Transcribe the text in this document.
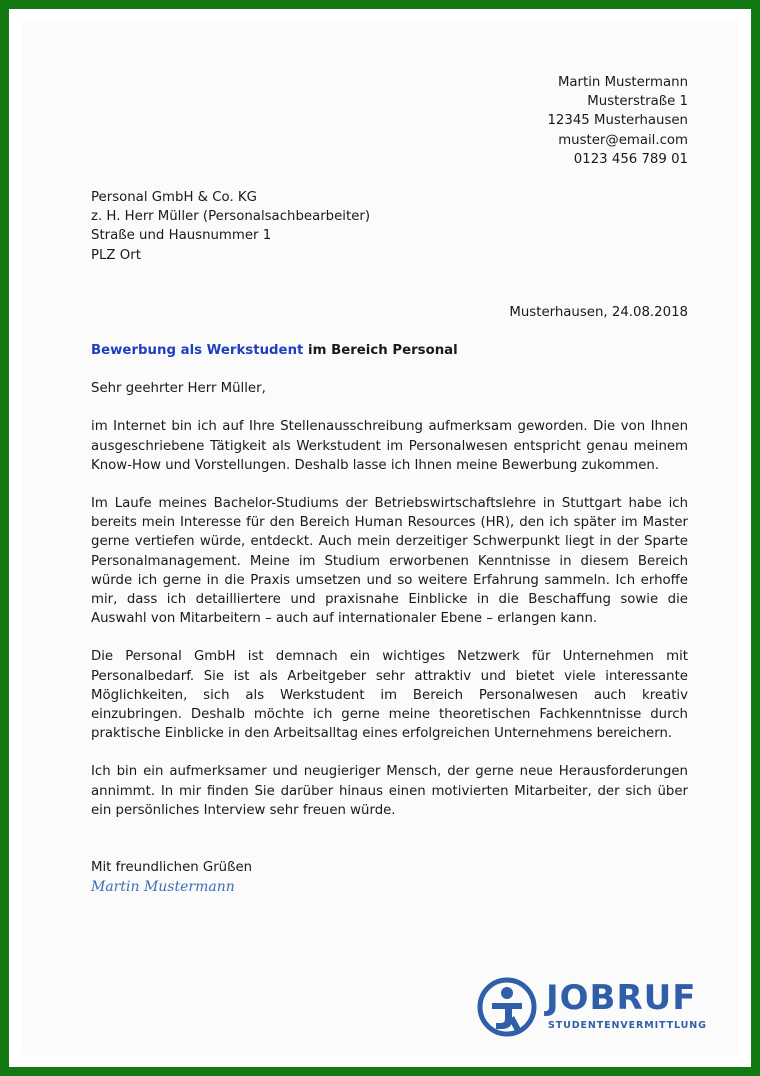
Martin Mustermann
Musterstraße 1
12345 Musterhausen
muster@email.com
0123 456 789 01
Personal GmbH & Co. KG
z. H. Herr Müller (Personalsachbearbeiter)
Straße und Hausnummer 1
PLZ Ort
Musterhausen, 24.08.2018
Bewerbung als Werkstudent im Bereich Personal
Sehr geehrter Herr Müller,
im Internet bin ich auf Ihre Stellenausschreibung aufmerksam geworden. Die von Ihnen ausgeschriebene Tätigkeit als Werkstudent im Personalwesen entspricht genau meinem Know-How und Vorstellungen. Deshalb lasse ich Ihnen meine Bewerbung zukommen.
Im Laufe meines Bachelor-Studiums der Betriebswirtschaftslehre in Stuttgart habe ich bereits mein Interesse für den Bereich Human Resources (HR), den ich später im Master gerne vertiefen würde, entdeckt. Auch mein derzeitiger Schwerpunkt liegt in der Sparte Personalmanagement. Meine im Studium erworbenen Kenntnisse in diesem Bereich würde ich gerne in die Praxis umsetzen und so weitere Erfahrung sammeln. Ich erhoffe mir, dass ich detailliertere und praxisnahe Einblicke in die Beschaffung sowie die Auswahl von Mitarbeitern – auch auf internationaler Ebene – erlangen kann.
Die Personal GmbH ist demnach ein wichtiges Netzwerk für Unternehmen mit Personalbedarf. Sie ist als Arbeitgeber sehr attraktiv und bietet viele interessante Möglichkeiten, sich als Werkstudent im Bereich Personalwesen auch kreativ einzubringen. Deshalb möchte ich gerne meine theoretischen Fachkenntnisse durch praktische Einblicke in den Arbeitsalltag eines erfolgreichen Unternehmens bereichern.
Ich bin ein aufmerksamer und neugieriger Mensch, der gerne neue Herausforderungen annimmt. In mir finden Sie darüber hinaus einen motivierten Mitarbeiter, der sich über ein persönliches Interview sehr freuen würde.
Mit freundlichen Grüßen
Martin Mustermann
JOBRUF
STUDENTENVERMITTLUNG
